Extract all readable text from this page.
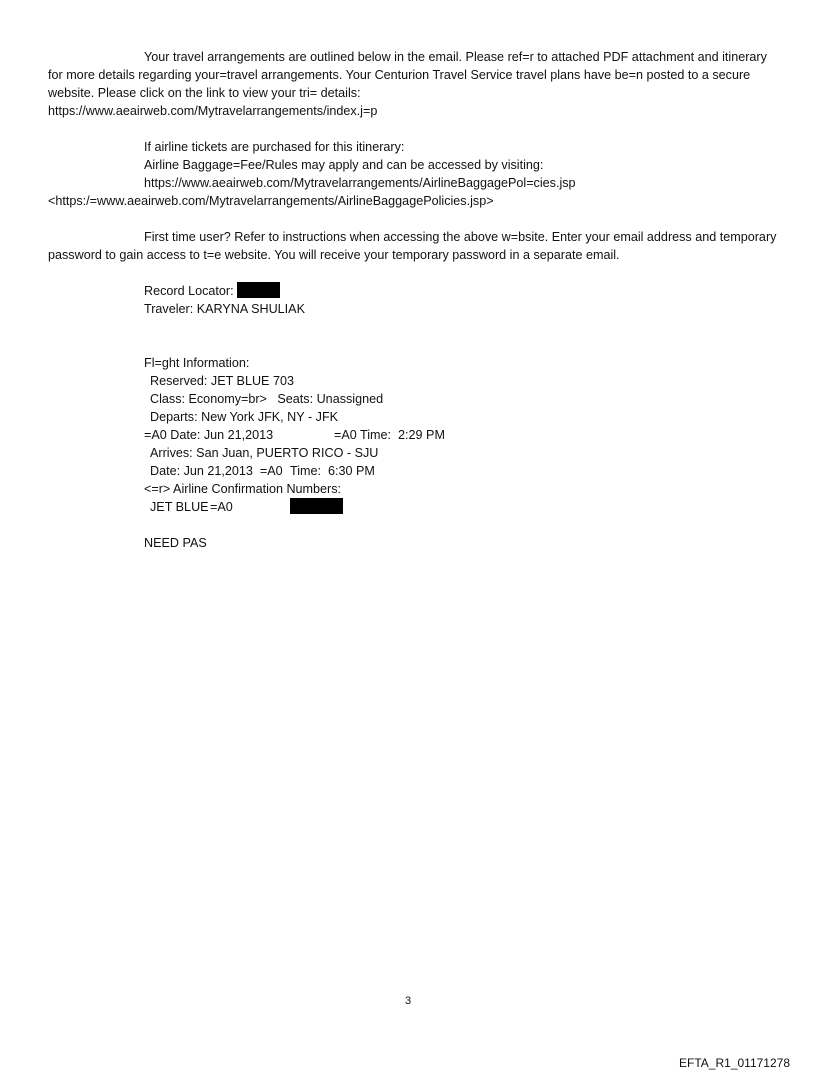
Your travel arrangements are outlined below in the email. Please ref=r to attached PDF attachment and itinerary for more details regarding your=travel arrangements. Your Centurion Travel Service travel plans have be=n posted to a secure website. Please click on the link to view your tri= details:
https://www.aeairweb.com/Mytravelarrangements/index.j=p

If airline tickets are purchased for this itinerary:

Airline Baggage=Fee/Rules may apply and can be accessed by visiting:

https://www.aeairweb.com/Mytravelarrangements/AirlineBaggagePol=cies.jsp

<https:/=www.aeairweb.com/Mytravelarrangements/AirlineBaggagePolicies.jsp>

First time user? Refer to instructions when accessing the above w=bsite. Enter your email address and temporary password to gain access to t=e website. You will receive your temporary password in a separate email.

Record Locator:

Traveler: KARYNA SHULIAK

Fl=ght Information:

Reserved: JET BLUE 703

Class: Economy=br>   Seats: Unassigned

Departs: New York JFK, NY - JFK

=A0 Date: Jun 21,2013	=A0 Time:  2:29 PM

Arrives: San Juan, PUERTO RICO - SJU

Date: Jun 21,2013  =A0 Time:  6:30 PM

<=r> Airline Confirmation Numbers:

JET BLUE=A0

NEED PAS

3
EFTA_R1_01171278
